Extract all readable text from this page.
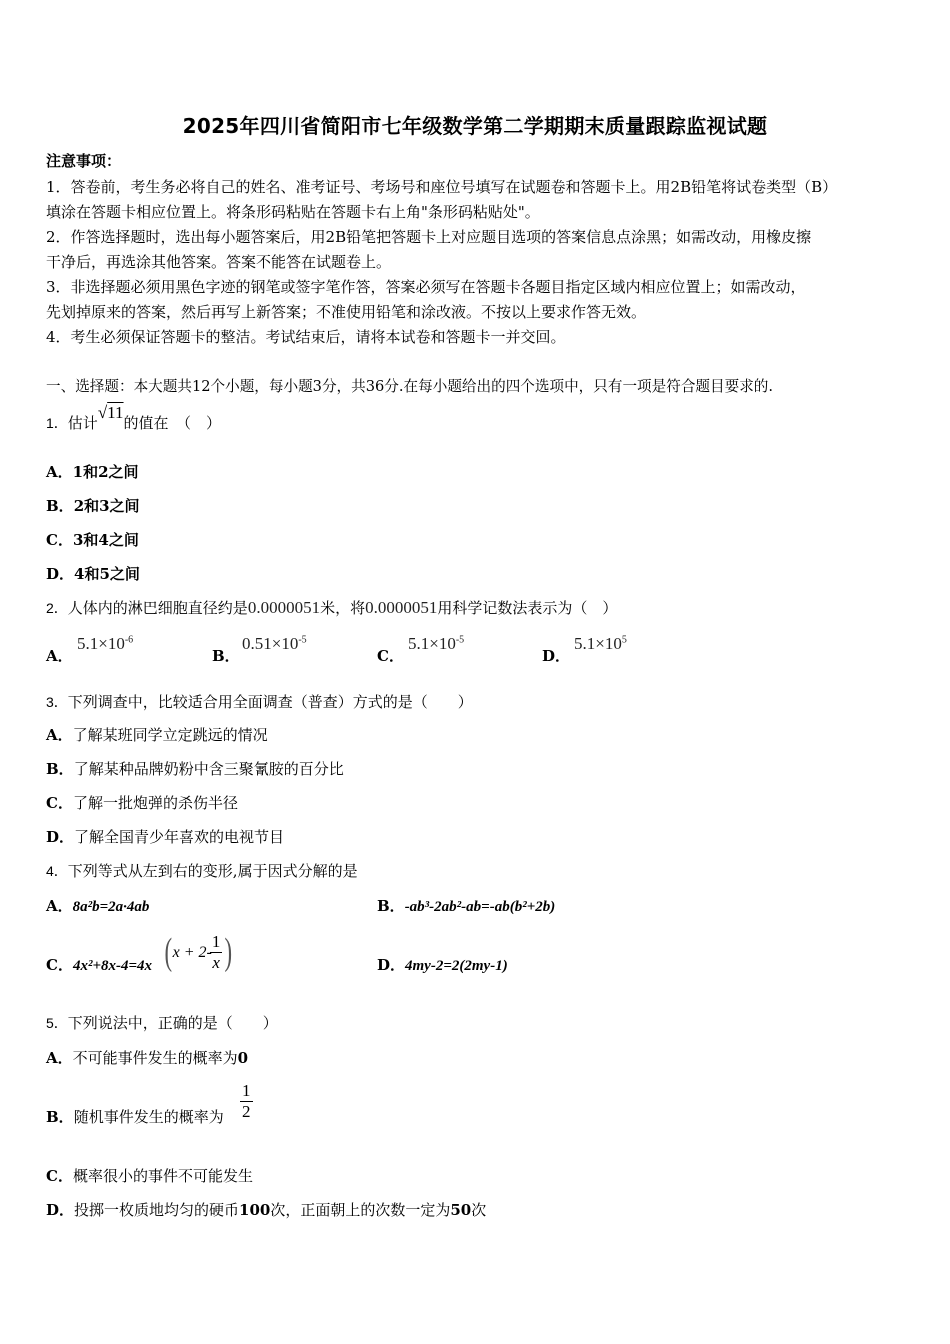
2025年四川省简阳市七年级数学第二学期期末质量跟踪监视试题
注意事项：
1．答卷前，考生务必将自己的姓名、准考证号、考场号和座位号填写在试题卷和答题卡上。用2B铅笔将试卷类型（B）
填涂在答题卡相应位置上。将条形码粘贴在答题卡右上角"条形码粘贴处"。
2．作答选择题时，选出每小题答案后，用2B铅笔把答题卡上对应题目选项的答案信息点涂黑；如需改动，用橡皮擦
干净后，再选涂其他答案。答案不能答在试题卷上。
3．非选择题必须用黑色字迹的钢笔或签字笔作答，答案必须写在答题卡各题目指定区域内相应位置上；如需改动，
先划掉原来的答案，然后再写上新答案；不准使用铅笔和涂改液。不按以上要求作答无效。
4．考生必须保证答题卡的整洁。考试结束后，请将本试卷和答题卡一并交回。
一、选择题：本大题共12个小题，每小题3分，共36分.在每小题给出的四个选项中，只有一项是符合题目要求的.
1．估计√11的值在　（　）
A．1和2之间
B．2和3之间
C．3和4之间
D．4和5之间
2．人体内的淋巴细胞直径约是0.0000051米，将0.0000051用科学记数法表示为（　）
A．
$5.1\times 10^{-6}$
B．
$0.51\times 10^{-5}$
C．
$5.1\times 10^{-5}$
D．
$5.1\times 10^5$
3．下列调查中，比较适合用全面调查（普查）方式的是（　　）
A．了解某班同学立定跳远的情况
B．了解某种品牌奶粉中含三聚氰胺的百分比
C．了解一批炮弹的杀伤半径
D．了解全国青少年喜欢的电视节目
4．下列等式从左到右的变形,属于因式分解的是
A．8a²b=2a·4ab	B．-ab³-2ab²-ab=-ab(b²+2b)
C．4x²+8x-4=4x (x + 2-
$\frac{1}{x}$ )	D．4my-2=2(2my-1)
5．下列说法中，正确的是（　　）
A．不可能事件发生的概率为0
B．随机事件发生的概率为 $\frac{1}{2}$
C．概率很小的事件不可能发生
D．投掷一枚质地均匀的硬币100次，正面朝上的次数一定为50次
